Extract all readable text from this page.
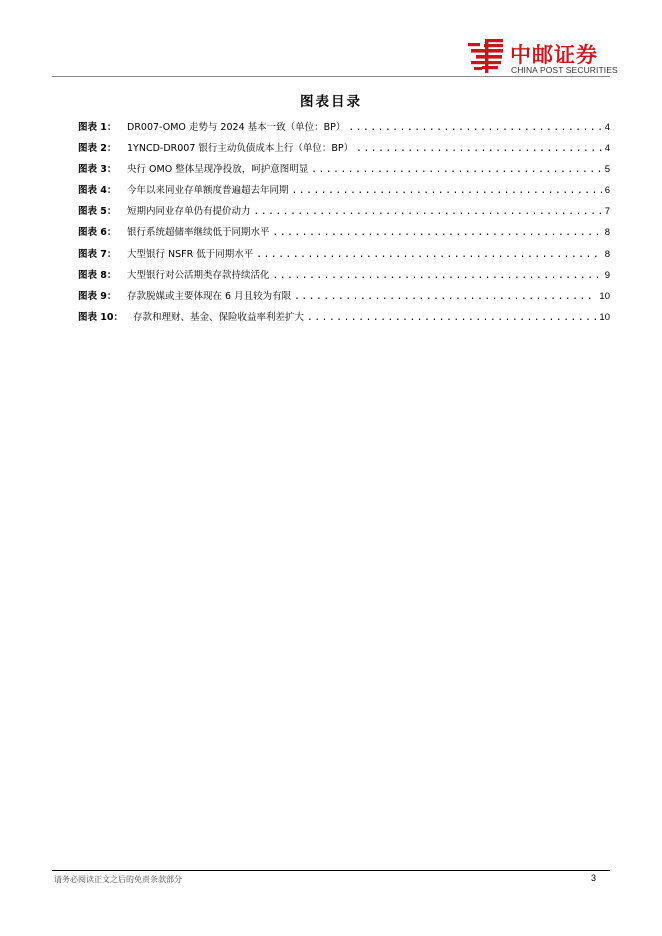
中邮证券
CHINA POST SECURITIES
图表目录
图表 1：	DR007-OMO 走势与 2024 基本一致（单位：BP） .....	4
图表 2：	1YNCD-DR007 银行主动负债成本上行（单位：BP） .....	4
图表 3：	央行 OMO 整体呈现净投放，呵护意图明显 .....	5
图表 4：	今年以来同业存单额度普遍超去年同期 .....	6
图表 5：	短期内同业存单仍有提价动力 .....	7
图表 6：	银行系统超储率继续低于同期水平 .....	8
图表 7：	大型银行 NSFR 低于同期水平 .....	8
图表 8：	大型银行对公活期类存款持续活化 .....	9
图表 9：	存款脱媒或主要体现在 6 月且较为有限 .....	10
图表 10：	存款和理财、基金、保险收益率利差扩大 .....	10
请务必阅读正文之后的免责条款部分	3
